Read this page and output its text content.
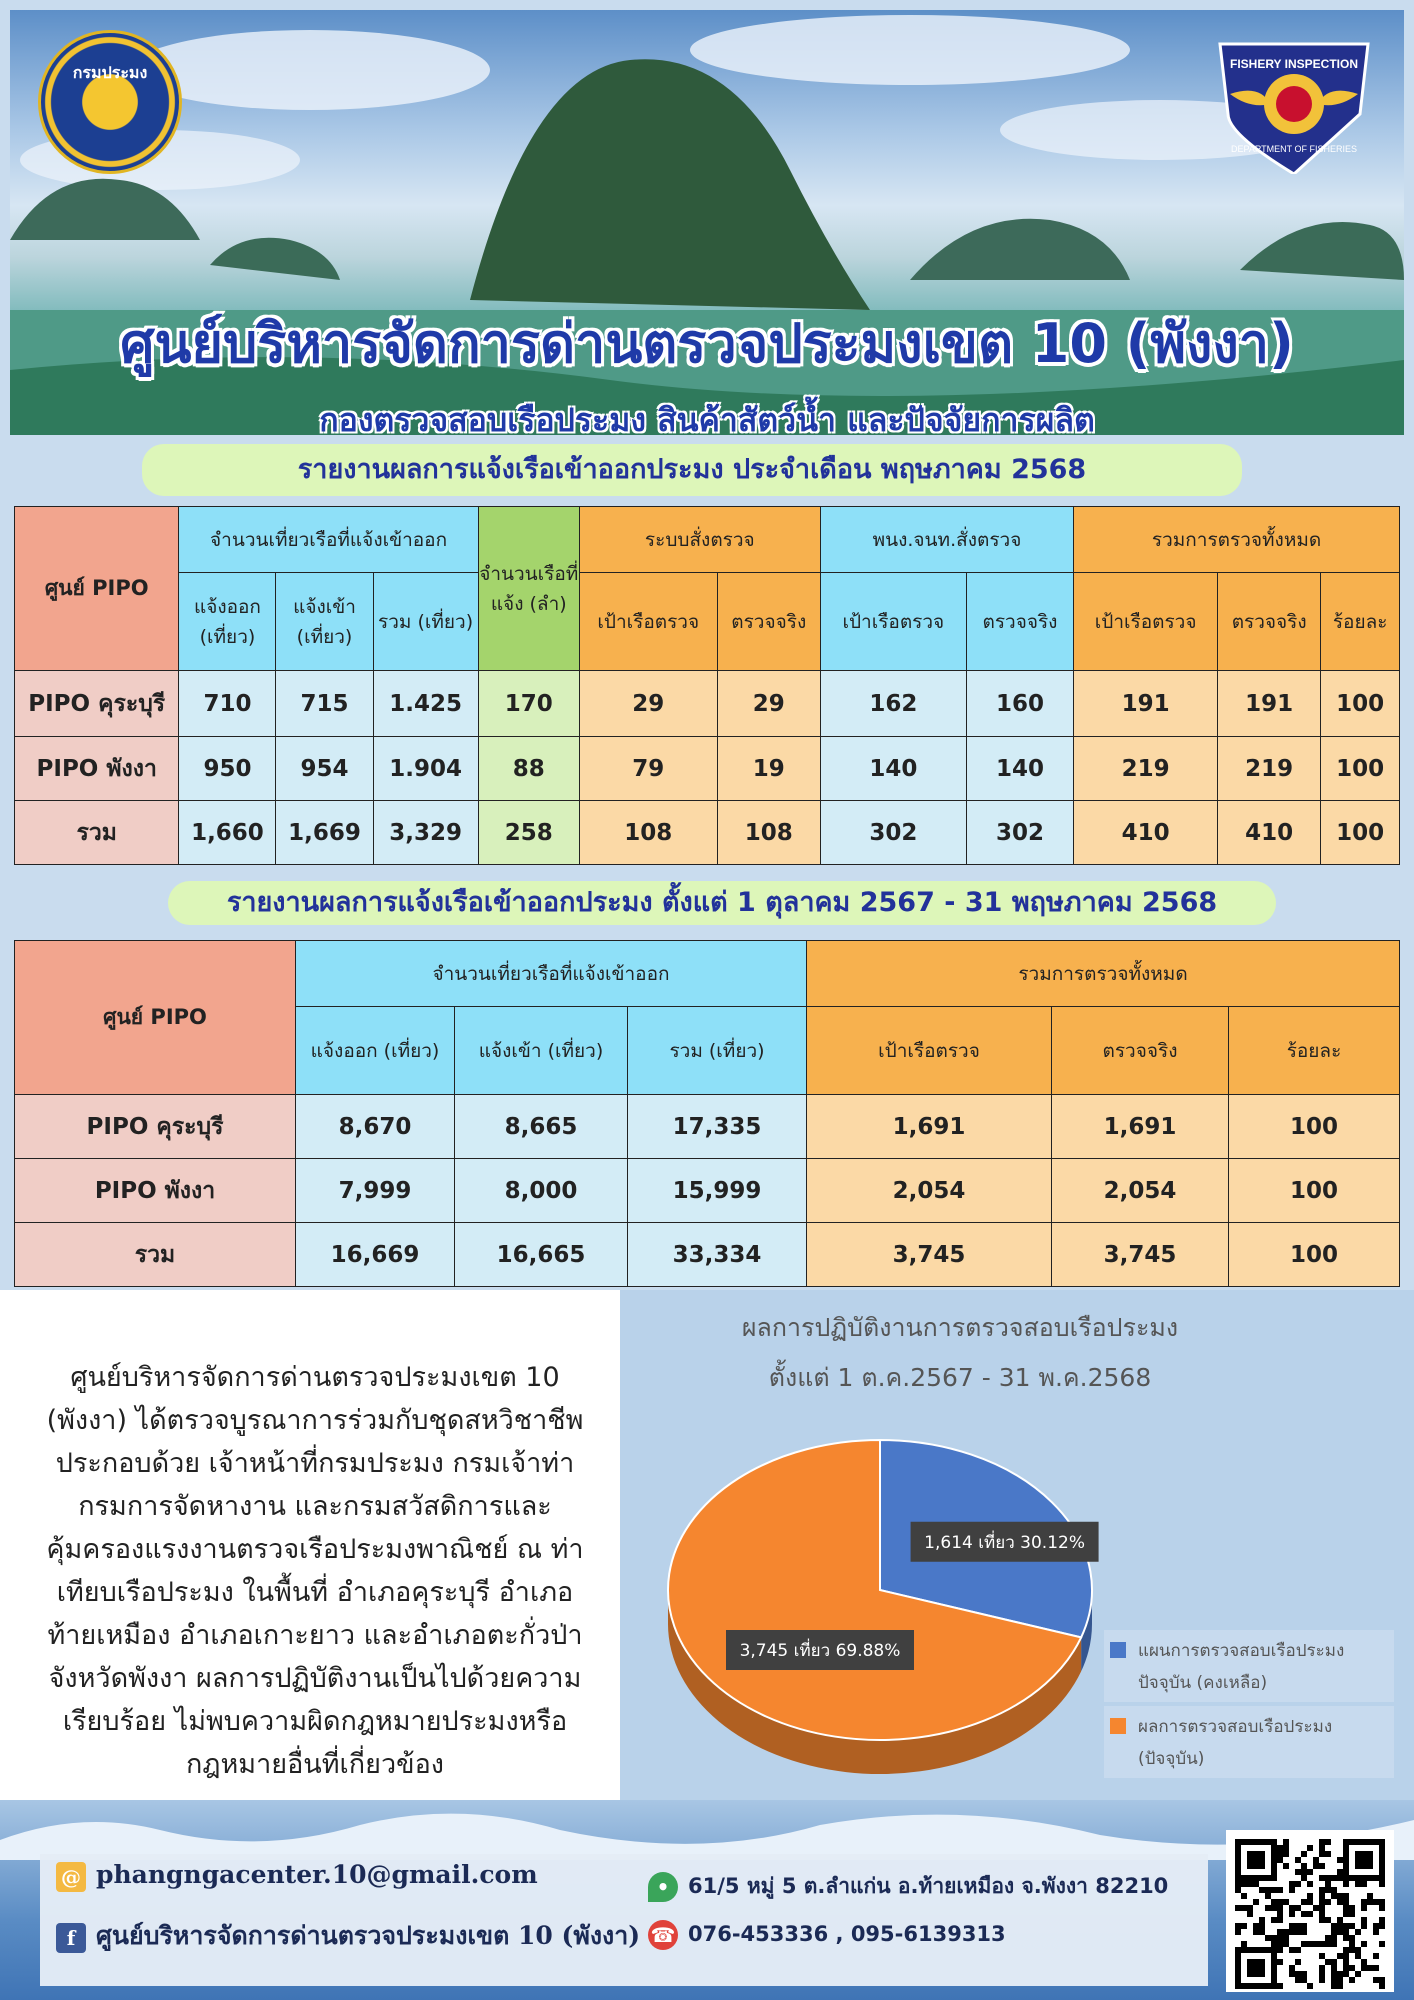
กรมประมง	FISHERY INSPECTION
DEPARTMENT OF FISHERIES
ศูนย์บริหารจัดการด่านตรวจประมงเขต 10 (พังงา)
กองตรวจสอบเรือประมง สินค้าสัตว์น้ำ และปัจจัยการผลิต
รายงานผลการแจ้งเรือเข้าออกประมง ประจำเดือน พฤษภาคม 2568
ศูนย์ PIPO	จำนวนเที่ยวเรือที่แจ้งเข้าออก			จำนวนเรือที่แจ้ง (ลำ)	ระบบสั่งตรวจ		พนง.จนท.สั่งตรวจ		รวมการตรวจทั้งหมด		
	แจ้งออก (เที่ยว)	แจ้งเข้า (เที่ยว)	รวม (เที่ยว)		เป้าเรือตรวจ	ตรวจจริง	เป้าเรือตรวจ	ตรวจจริง	เป้าเรือตรวจ	ตรวจจริง	ร้อยละ
PIPO คุระบุรี	710	715	1.425	170	29	29	162	160	191	191	100
PIPO พังงา	950	954	1.904	88	79	19	140	140	219	219	100
รวม	1,660	1,669	3,329	258	108	108	302	302	410	410	100
รายงานผลการแจ้งเรือเข้าออกประมง ตั้งแต่ 1 ตุลาคม 2567 - 31 พฤษภาคม 2568
ศูนย์ PIPO	จำนวนเที่ยวเรือที่แจ้งเข้าออก			รวมการตรวจทั้งหมด		
	แจ้งออก (เที่ยว)	แจ้งเข้า (เที่ยว)	รวม (เที่ยว)	เป้าเรือตรวจ	ตรวจจริง	ร้อยละ
PIPO คุระบุรี	8,670	8,665	17,335	1,691	1,691	100
PIPO พังงา	7,999	8,000	15,999	2,054	2,054	100
รวม	16,669	16,665	33,334	3,745	3,745	100
ศูนย์บริหารจัดการด่านตรวจประมงเขต 10 (พังงา) ได้ตรวจบูรณาการร่วมกับชุดสหวิชาชีพ ประกอบด้วย เจ้าหน้าที่กรมประมง กรมเจ้าท่า กรมการจัดหางาน และกรมสวัสดิการและคุ้มครองแรงงานตรวจเรือประมงพาณิชย์ ณ ท่าเทียบเรือประมง ในพื้นที่ อำเภอคุระบุรี อำเภอท้ายเหมือง อำเภอเกาะยาว และอำเภอตะกั่วป่า จังหวัดพังงา ผลการปฏิบัติงานเป็นไปด้วยความเรียบร้อย ไม่พบความผิดกฎหมายประมงหรือกฎหมายอื่นที่เกี่ยวข้อง
ผลการปฏิบัติงานการตรวจสอบเรือประมง
ตั้งแต่ 1 ต.ค.2567 - 31 พ.ค.2568
1,614 เที่ยว 30.12%
3,745 เที่ยว 69.88%	แผนการตรวจสอบเรือประมง
ปัจจุบัน (คงเหลือ)
ผลการตรวจสอบเรือประมง
(ปัจจุบัน)
@ phangngacenter.10@gmail.com
f ศูนย์บริหารจัดการด่านตรวจประมงเขต 10 (พังงา)
• 61/5 หมู่ 5 ต.ลำแก่น อ.ท้ายเหมือง จ.พังงา 82210
☎ 076-453336 , 095-6139313
